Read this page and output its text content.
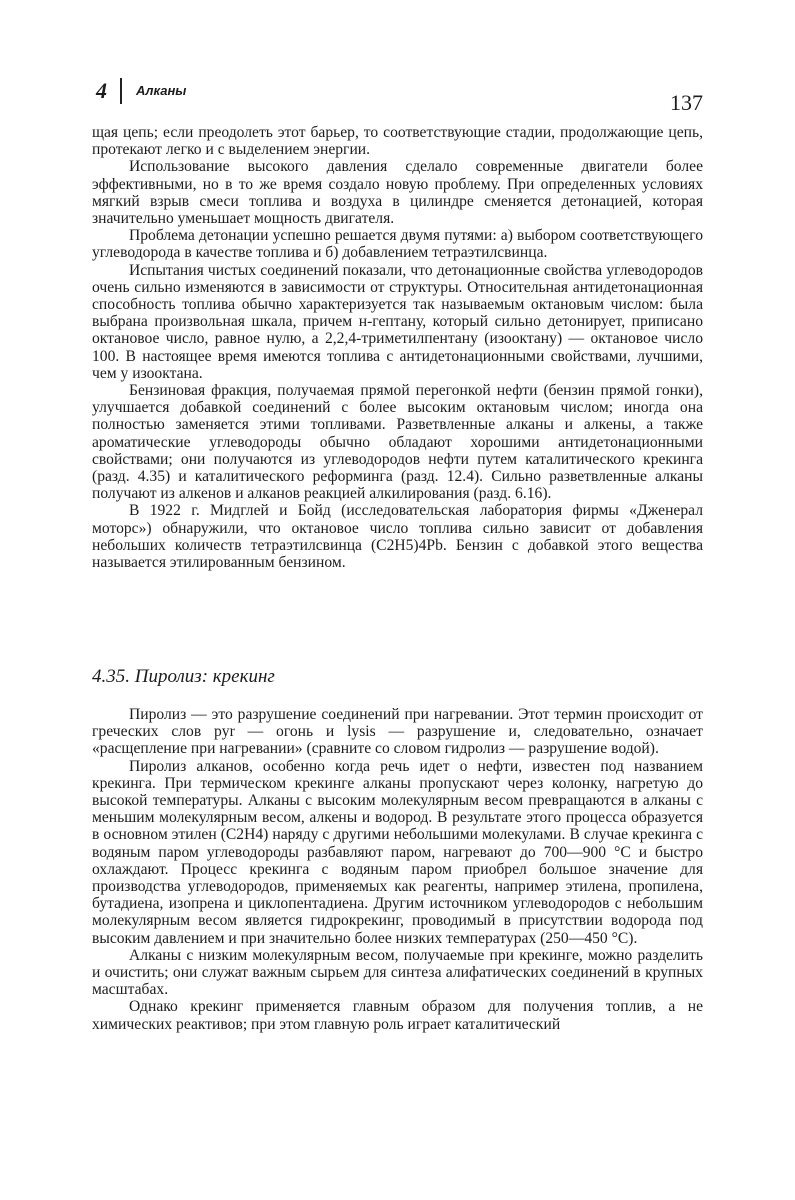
4 Алканы	137

щая цепь; если преодолеть этот барьер, то соответствующие стадии, продолжающие цепь, протекают легко и с выделением энергии.

Использование высокого давления сделало современные двигатели более эффективными, но в то же время создало новую проблему. При определенных условиях мягкий взрыв смеси топлива и воздуха в цилиндре сменяется детонацией, которая значительно уменьшает мощность двигателя.

Проблема детонации успешно решается двумя путями: а) выбором соответствующего углеводорода в качестве топлива и б) добавлением тетраэтилсвинца.

Испытания чистых соединений показали, что детонационные свойства углеводородов очень сильно изменяются в зависимости от структуры. Относительная антидетонационная способность топлива обычно характеризуется так называемым октановым числом: была выбрана произвольная шкала, причем н-гептану, который сильно детонирует, приписано октановое число, равное нулю, а 2,2,4-триметилпентану (изооктану) — октановое число 100. В настоящее время имеются топлива с антидетонационными свойствами, лучшими, чем у изооктана.

Бензиновая фракция, получаемая прямой перегонкой нефти (бензин прямой гонки), улучшается добавкой соединений с более высоким октановым числом; иногда она полностью заменяется этими топливами. Разветвленные алканы и алкены, а также ароматические углеводороды обычно обладают хорошими антидетонационными свойствами; они получаются из углеводородов нефти путем каталитического крекинга (разд. 4.35) и каталитического реформинга (разд. 12.4). Сильно разветвленные алканы получают из алкенов и алканов реакцией алкилирования (разд. 6.16).

В 1922 г. Мидглей и Бойд (исследовательская лаборатория фирмы «Дженерал моторс») обнаружили, что октановое число топлива сильно зависит от добавления небольших количеств тетраэтилсвинца (C2H5)4Pb. Бензин с добавкой этого вещества называется этилированным бензином.

4.35. Пиролиз: крекинг

Пиролиз — это разрушение соединений при нагревании. Этот термин происходит от греческих слов pyr — огонь и lysis — разрушение и, следовательно, означает «расщепление при нагревании» (сравните со словом гидролиз — разрушение водой).

Пиролиз алканов, особенно когда речь идет о нефти, известен под названием крекинга. При термическом крекинге алканы пропускают через колонку, нагретую до высокой температуры. Алканы с высоким молекулярным весом превращаются в алканы с меньшим молекулярным весом, алкены и водород. В результате этого процесса образуется в основном этилен (C2H4) наряду с другими небольшими молекулами. В случае крекинга с водяным паром углеводороды разбавляют паром, нагревают до 700—900 °C и быстро охлаждают. Процесс крекинга с водяным паром приобрел большое значение для производства углеводородов, применяемых как реагенты, например этилена, пропилена, бутадиена, изопрена и циклопентадиена. Другим источником углеводородов с небольшим молекулярным весом является гидрокрекинг, проводимый в присутствии водорода под высоким давлением и при значительно более низких температурах (250—450 °C).

Алканы с низким молекулярным весом, получаемые при крекинге, можно разделить и очистить; они служат важным сырьем для синтеза алифатических соединений в крупных масштабах.

Однако крекинг применяется главным образом для получения топлив, а не химических реактивов; при этом главную роль играет каталитический
